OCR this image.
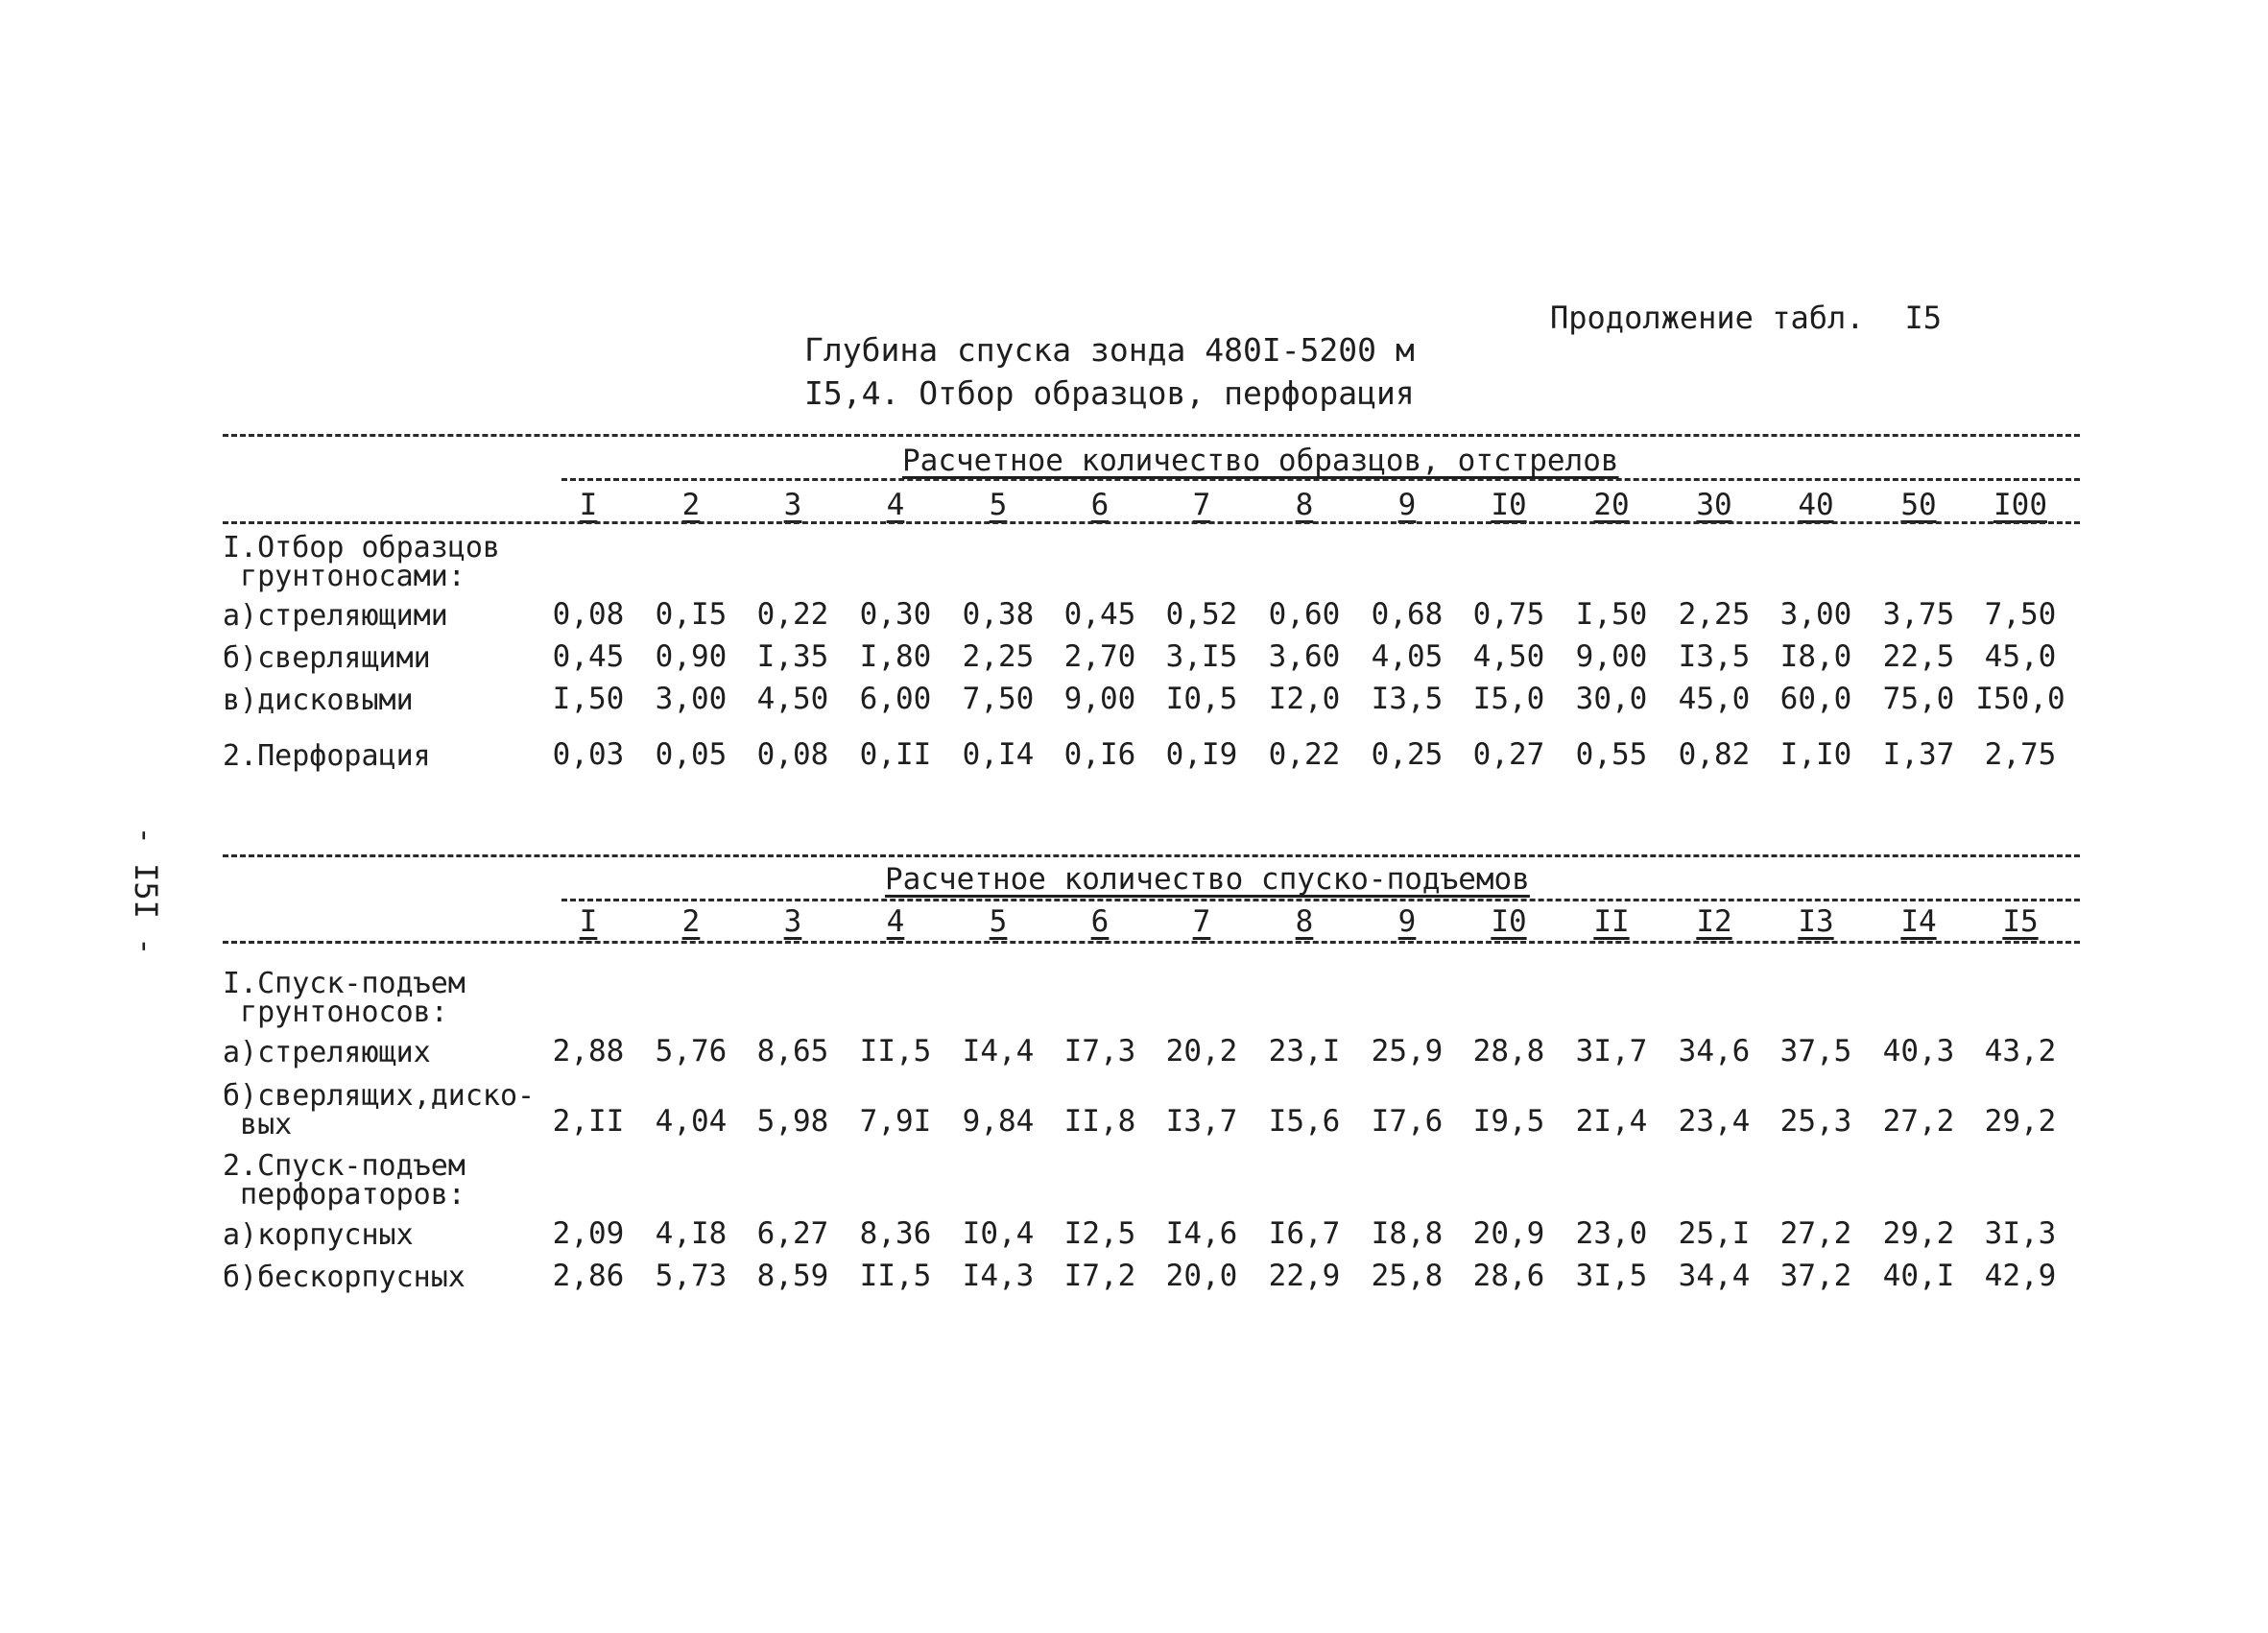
- I5I -
Продолжение табл. I5
Глубина спуска зонда 480I-5200 м
I5,4. Отбор образцов, перфорация
Расчетное количество образцов, отстрелов
I	2	3	4	5	6	7	8	9	I0	20	30	40	50	I00
I.Отбор образцов
грунтоносами:
а)стреляющими	0,08	0,I5	0,22	0,30	0,38	0,45	0,52	0,60	0,68	0,75	I,50	2,25	3,00	3,75	7,50
б)сверлящими	0,45	0,90	I,35	I,80	2,25	2,70	3,I5	3,60	4,05	4,50	9,00	I3,5	I8,0	22,5	45,0
в)дисковыми	I,50	3,00	4,50	6,00	7,50	9,00	I0,5	I2,0	I3,5	I5,0	30,0	45,0	60,0	75,0 I50,0
2.Перфорация	0,03	0,05	0,08	0,II	0,I4	0,I6	0,I9	0,22	0,25	0,27	0,55	0,82	I,I0	I,37	2,75
Расчетное количество спуско-подъемов
I	2	3	4	5	6	7	8	9	I0	II	I2	I3	I4	I5
I.Спуск-подъем
грунтоносов:
а)стреляющих	2,88	5,76	8,65	II,5	I4,4	I7,3	20,2	23,I	25,9	28,8	3I,7	34,6	37,5	40,3	43,2
б)сверлящих,диско-
вых	2,II	4,04	5,98	7,9I	9,84	II,8	I3,7	I5,6	I7,6	I9,5	2I,4	23,4	25,3	27,2	29,2
2.Спуск-подъем
перфораторов:
а)корпусных	2,09	4,I8	6,27	8,36	I0,4	I2,5	I4,6	I6,7	I8,8	20,9	23,0	25,I	27,2	29,2	3I,3
б)бескорпусных	2,86	5,73	8,59	II,5	I4,3	I7,2	20,0	22,9	25,8	28,6	3I,5	34,4	37,2	40,I	42,9
